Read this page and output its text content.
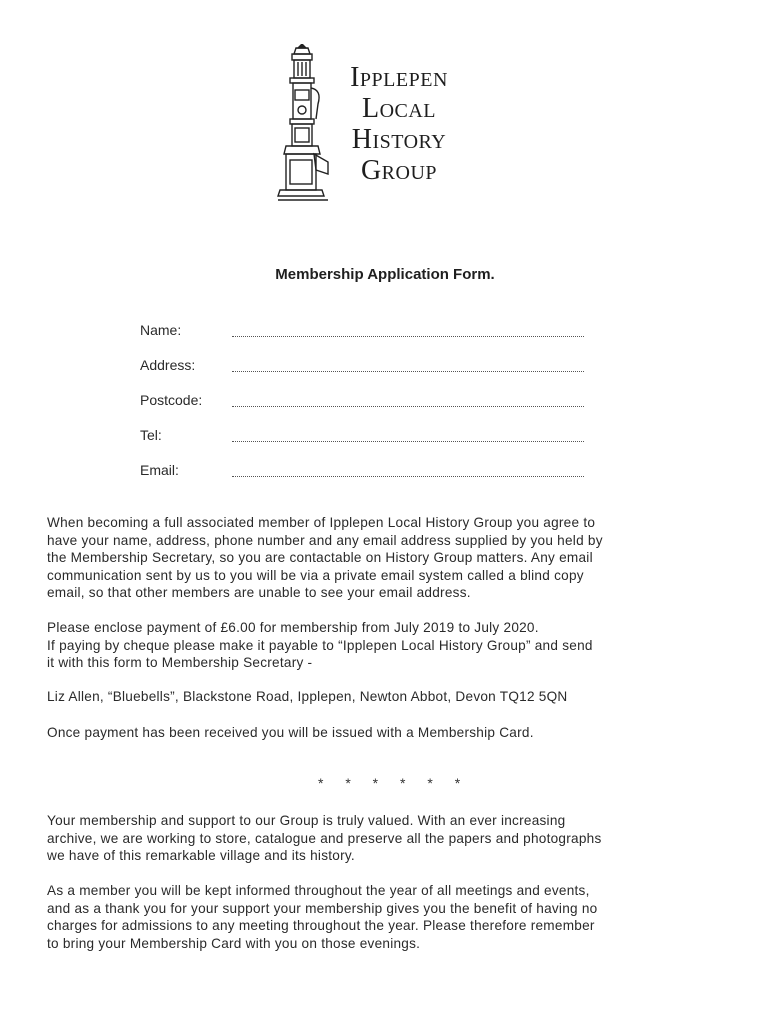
Ipplepen
Local
History
Group
Membership Application Form.
Name:
Address:
Postcode:
Tel:
Email:
When becoming a full associated member of Ipplepen Local History Group you agree to
have your name, address, phone number and any email address supplied by you held by
the Membership Secretary, so you are contactable on History Group matters. Any email
communication sent by us to you will be via a private email system called a blind copy
email, so that other members are unable to see your email address.
Please enclose payment of £6.00 for membership from July 2019 to July 2020.
If paying by cheque please make it payable to “Ipplepen Local History Group” and send
it with this form to Membership Secretary -
Liz Allen, “Bluebells”, Blackstone Road, Ipplepen, Newton Abbot, Devon TQ12 5QN
Once payment has been received you will be issued with a Membership Card.
* * * * * *
Your membership and support to our Group is truly valued. With an ever increasing
archive, we are working to store, catalogue and preserve all the papers and photographs
we have of this remarkable village and its history.
As a member you will be kept informed throughout the year of all meetings and events,
and as a thank you for your support your membership gives you the benefit of having no
charges for admissions to any meeting throughout the year. Please therefore remember
to bring your Membership Card with you on those evenings.
